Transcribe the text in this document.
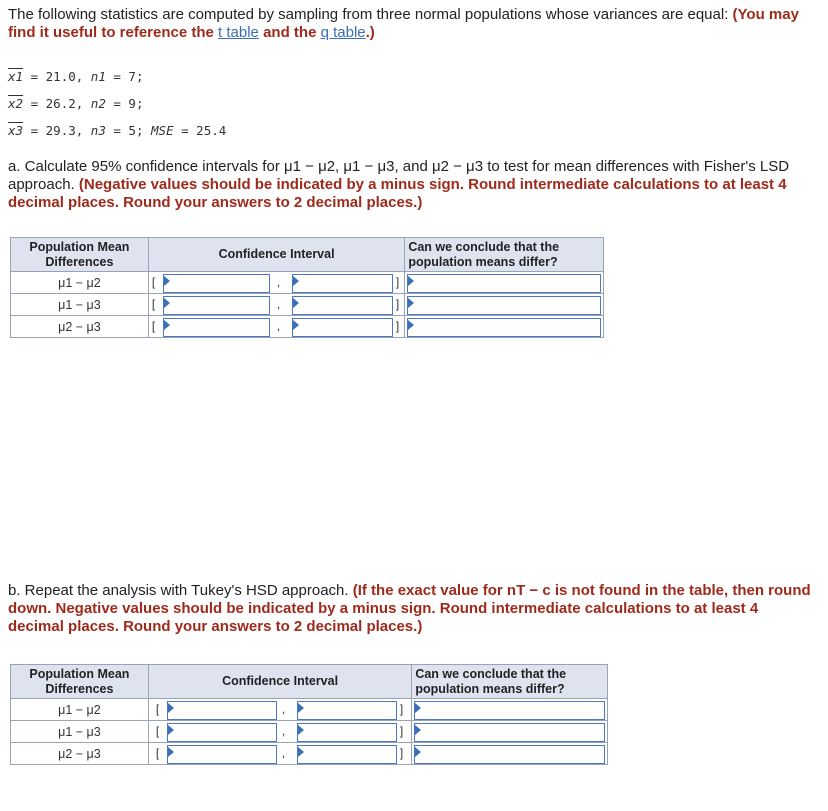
The following statistics are computed by sampling from three normal populations whose variances are equal: (You may find it useful to reference the t table and the q table.)
x1 = 21.0, n1 = 7;
x2 = 26.2, n2 = 9;
x3 = 29.3, n3 = 5; MSE = 25.4
a. Calculate 95% confidence intervals for μ1 − μ2, μ1 − μ3, and μ2 − μ3 to test for mean differences with Fisher's LSD approach. (Negative values should be indicated by a minus sign. Round intermediate calculations to at least 4 decimal places. Round your answers to 2 decimal places.)
Population Mean Differences	Confidence Interval	Can we conclude that the population means differ?
μ1 − μ2	[ , ]	

μ1 − μ3	[ , ]	

μ2 − μ3	[ , ]	

b. Repeat the analysis with Tukey's HSD approach. (If the exact value for nT − c is not found in the table, then round down. Negative values should be indicated by a minus sign. Round intermediate calculations to at least 4 decimal places. Round your answers to 2 decimal places.)
Population Mean Differences	Confidence Interval	Can we conclude that the population means differ?
μ1 − μ2	[ , ]	

μ1 − μ3	[ , ]	

μ2 − μ3	[ , ]	
